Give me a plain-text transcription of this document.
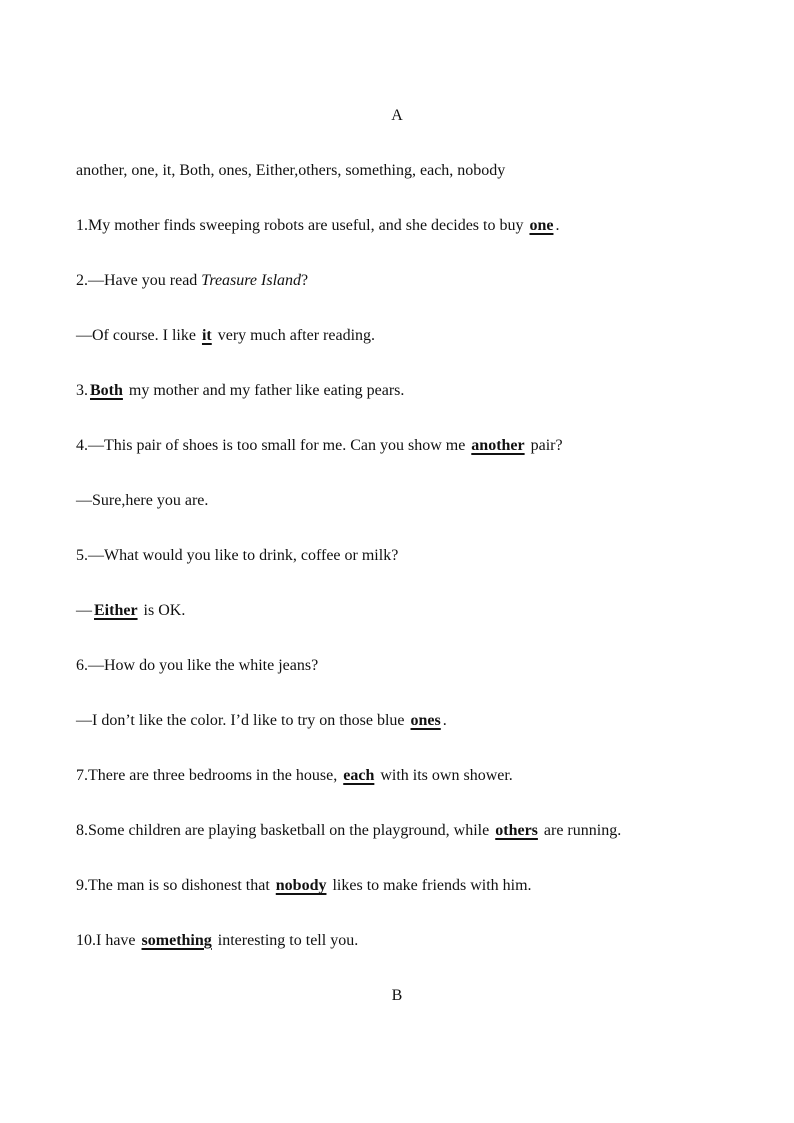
A
another, one, it, Both, ones, Either,others, something, each, nobody
1.My mother finds sweeping robots are useful, and she decides to buy one .
2.—Have you read Treasure Island?
—Of course. I like it very much after reading.
3. Both my mother and my father like eating pears.
4.—This pair of shoes is too small for me. Can you show me another pair?
—Sure,here you are.
5.—What would you like to drink, coffee or milk?
— Either is OK.
6.—How do you like the white jeans?
—I don’t like the color. I’d like to try on those blue ones .
7.There are three bedrooms in the house, each with its own shower.
8.Some children are playing basketball on the playground, while others are running.
9.The man is so dishonest that nobody likes to make friends with him.
10.I have something interesting to tell you.
B
